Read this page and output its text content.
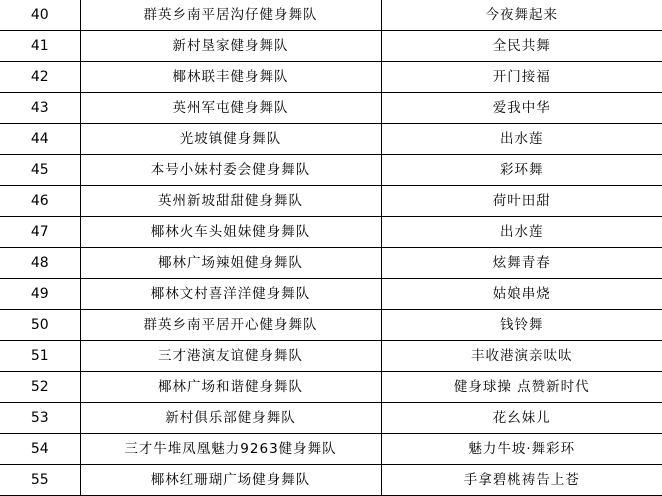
40	群英乡南平居沟仔健身舞队	今夜舞起来
41	新村垦家健身舞队	全民共舞
42	椰林联丰健身舞队	开门接福
43	英州军屯健身舞队	爱我中华
44	光坡镇健身舞队	出水莲
45	本号小妹村委会健身舞队	彩环舞
46	英州新坡甜甜健身舞队	荷叶田甜
47	椰林火车头姐妹健身舞队	出水莲
48	椰林广场辣姐健身舞队	炫舞青春
49	椰林文村喜洋洋健身舞队	姑娘串烧
50	群英乡南平居开心健身舞队	钱铃舞
51	三才港演友谊健身舞队	丰收港演亲呔呔
52	椰林广场和谐健身舞队	健身球操 点赞新时代
53	新村俱乐部健身舞队	花幺妹儿
54	三才牛堆凤凰魅力9263健身舞队	魅力牛坡·舞彩环
55	椰林红珊瑚广场健身舞队	手拿碧桃祷告上苍
